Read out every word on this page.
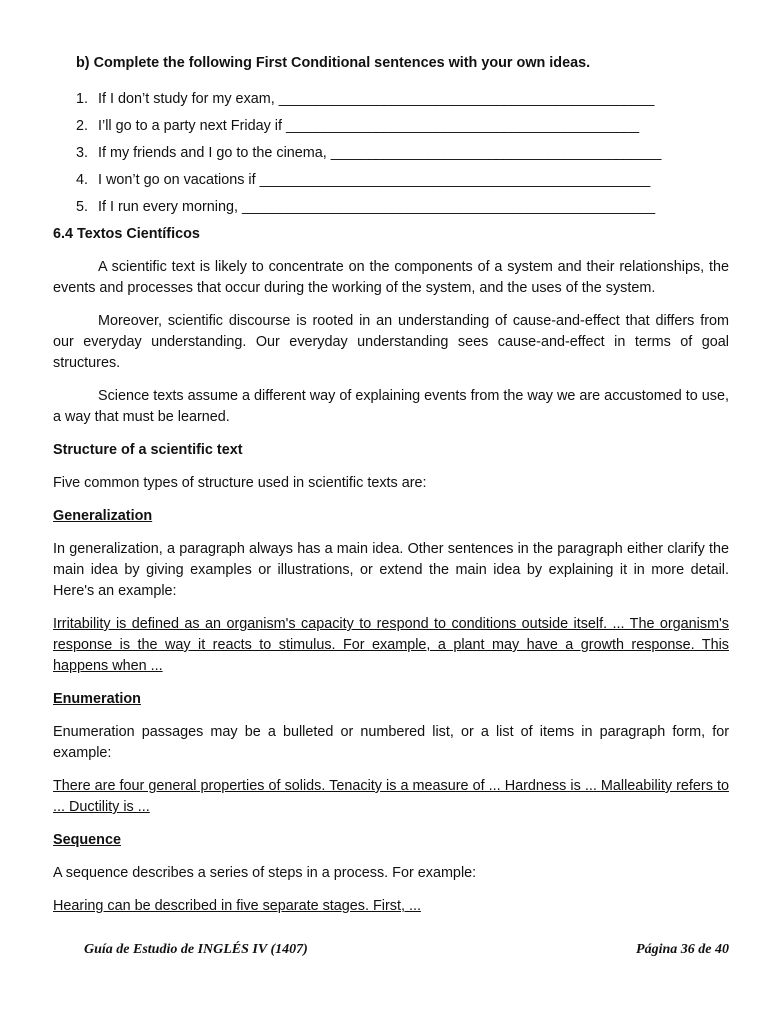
b) Complete the following First Conditional sentences with your own ideas.
1. If I don’t study for my exam, __________________________________________________
2. I’ll go to a party next Friday if _______________________________________________
3. If my friends and I go to the cinema, ____________________________________________
4. I won’t go on vacations if ____________________________________________________
5. If I run every morning, _______________________________________________________

6.4 Textos Científicos

A scientific text is likely to concentrate on the components of a system and their relationships, the events and processes that occur during the working of the system, and the uses of the system.

Moreover, scientific discourse is rooted in an understanding of cause-and-effect that differs from our everyday understanding. Our everyday understanding sees cause-and-effect in terms of goal structures.

Science texts assume a different way of explaining events from the way we are accustomed to use, a way that must be learned.

Structure of a scientific text

Five common types of structure used in scientific texts are:

Generalization

In generalization, a paragraph always has a main idea. Other sentences in the paragraph either clarify the main idea by giving examples or illustrations, or extend the main idea by explaining it in more detail. Here's an example:

Irritability is defined as an organism's capacity to respond to conditions outside itself. ... The organism's response is the way it reacts to stimulus. For example, a plant may have a growth response. This happens when ...

Enumeration

Enumeration passages may be a bulleted or numbered list, or a list of items in paragraph form, for example:

There are four general properties of solids. Tenacity is a measure of ... Hardness is ... Malleability refers to ... Ductility is ...

Sequence

A sequence describes a series of steps in a process. For example:

Hearing can be described in five separate stages. First, ...

Guía de Estudio de INGLÉS IV (1407)	Página 36 de 40
